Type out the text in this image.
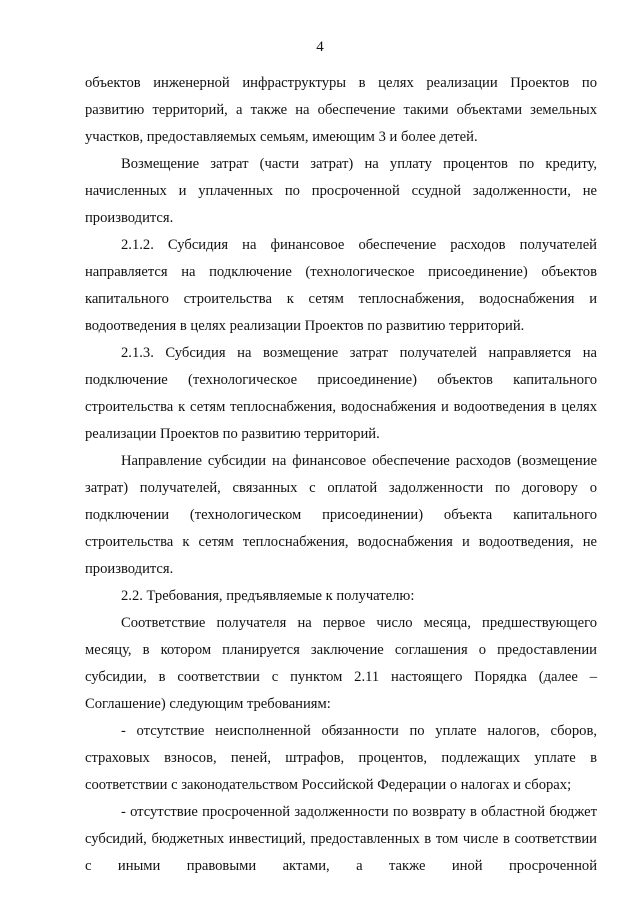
4

объектов инженерной инфраструктуры в целях реализации Проектов по развитию территорий, а также на обеспечение такими объектами земельных участков, предоставляемых семьям, имеющим 3 и более детей.

Возмещение затрат (части затрат) на уплату процентов по кредиту, начисленных и уплаченных по просроченной ссудной задолженности, не производится.

2.1.2. Субсидия на финансовое обеспечение расходов получателей направляется на подключение (технологическое присоединение) объектов капитального строительства к сетям теплоснабжения, водоснабжения и водоотведения в целях реализации Проектов по развитию территорий.

2.1.3. Субсидия на возмещение затрат получателей направляется на подключение (технологическое присоединение) объектов капитального строительства к сетям теплоснабжения, водоснабжения и водоотведения в целях реализации Проектов по развитию территорий.

Направление субсидии на финансовое обеспечение расходов (возмещение затрат) получателей, связанных с оплатой задолженности по договору о подключении (технологическом присоединении) объекта капитального строительства к сетям теплоснабжения, водоснабжения и водоотведения, не производится.

2.2. Требования, предъявляемые к получателю:

Соответствие получателя на первое число месяца, предшествующего месяцу, в котором планируется заключение соглашения о предоставлении субсидии, в соответствии с пунктом 2.11 настоящего Порядка (далее – Соглашение) следующим требованиям:

- отсутствие неисполненной обязанности по уплате налогов, сборов, страховых взносов, пеней, штрафов, процентов, подлежащих уплате в соответствии с законодательством Российской Федерации о налогах и сборах;

- отсутствие просроченной задолженности по возврату в областной бюджет субсидий, бюджетных инвестиций, предоставленных в том числе в соответствии с иными правовыми актами, а также иной просроченной
